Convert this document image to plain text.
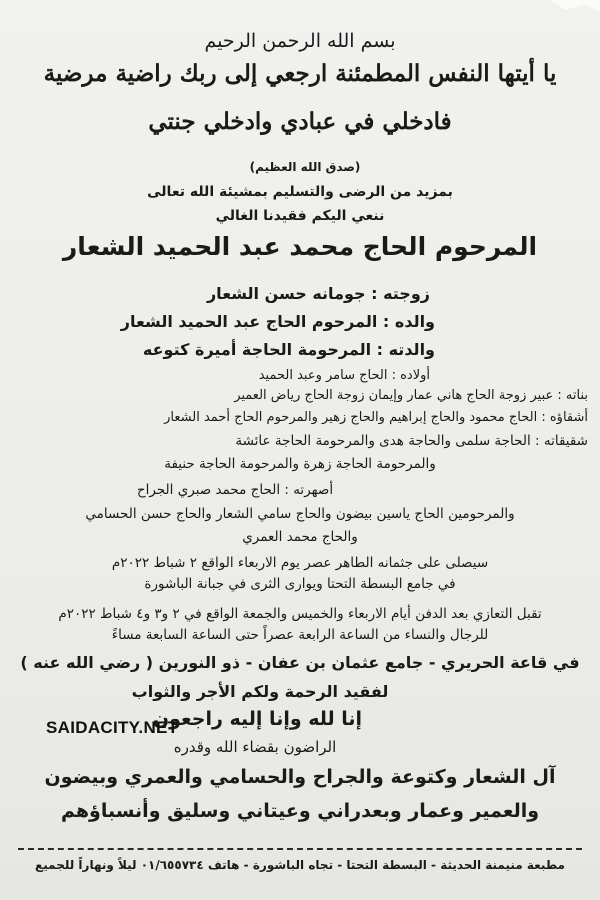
بسم الله الرحمن الرحيم

يا أيتها النفس المطمئنة ارجعي إلى ربك راضية مرضية

فادخلي في عبادي وادخلي جنتي

(صدق الله العظيم)

بمزيد من الرضى والتسليم بمشيئة الله تعالى

ننعي اليكم فقيدنا الغالي

المرحوم الحاج محمد عبد الحميد الشعار

زوجته : جومانه حسن الشعار

والده : المرحوم الحاج عبد الحميد الشعار

والدته : المرحومة الحاجة أميرة كتوعه

أولاده : الحاج سامر وعبد الحميد

بناته : عبير زوجة الحاج هاني عمار وإيمان زوجة الحاج رياض العمير

أشقاؤه : الحاج محمود والحاج إبراهيم والحاج زهير والمرحوم الحاج أحمد الشعار

شقيقاته : الحاجة سلمى والحاجة هدى والمرحومة الحاجة عائشة

والمرحومة الحاجة زهرة والمرحومة الحاجة حنيفة

أصهرته : الحاج محمد صبري الجراح

والمرحومين الحاج ياسين بيضون والحاج سامي الشعار والحاج حسن الحسامي

والحاج محمد العمري

سيصلى على جثمانه الطاهر عصر يوم الاربعاء الواقع ٢ شباط ٢٠٢٢م

في جامع البسطة التحتا ويوارى الثرى في جبانة الباشورة

تقبل التعازي بعد الدفن أيام الاربعاء والخميس والجمعة الواقع في ٢ و٣ و٤ شباط ٢٠٢٢م

للرجال والنساء من الساعة الرابعة عصراً حتى الساعة السابعة مساءً

في قاعة الحريري - جامع عثمان بن عفان - ذو النورين ( رضي الله عنه )

لفقيد الرحمة ولكم الأجر والثواب

إنا لله وإنا إليه راجعون

الراضون بقضاء الله وقدره

آل الشعار وكتوعة والجراح والحسامي والعمري وبيضون

والعمير وعمار وبعدراني وعيتاني وسليق وأنسباؤهم

مطبعة منيمنة الحديثة - البسطة التحتا - تجاه الباشورة - هاتف ٠١/٦٥٥٧٣٤ ليلاً ونهاراً للجميع

SAIDACITY.NET
